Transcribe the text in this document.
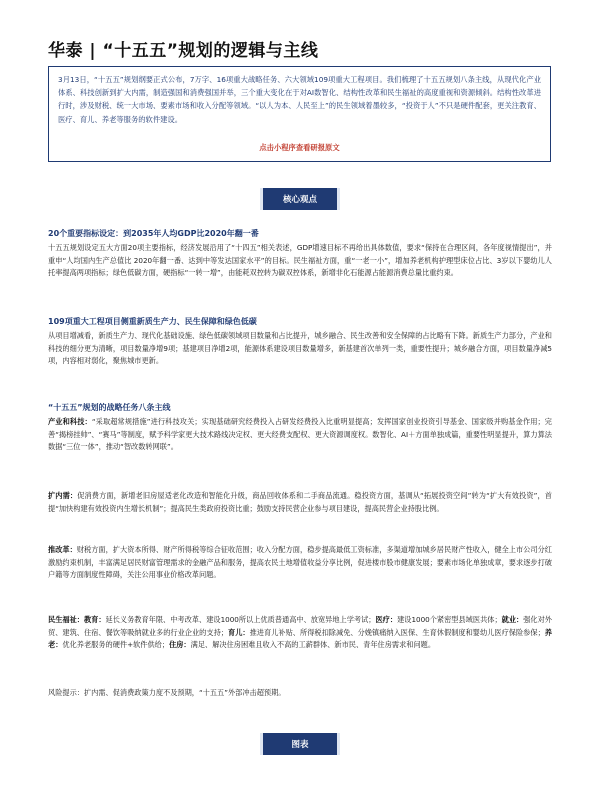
华泰 | “十五五”规划的逻辑与主线

3月13日，“十五五”规划纲要正式公布，7万字、16项重大战略任务、六大领域109项重大工程项目。我们梳理了十五五规划八条主线，从现代化产业体系、科技创新到扩大内需，制造强国和消费强国并举，三个重大变化在于对AI数智化、结构性改革和民生福祉的高度重视和资源倾斜。结构性改革进行时，涉及财税、统一大市场、要素市场和收入分配等领域。“以人为本、人民至上”的民生领域着墨较多，“投资于人”不只是硬件配套，更关注教育、医疗、育儿、养老等服务的软件建设。

点击小程序查看研报原文
核心观点

20个重要指标设定：到2035年人均GDP比2020年翻一番

十五五规划设定五大方面20项主要指标，经济发展沿用了“十四五”相关表述，GDP增速目标不再给出具体数值，要求“保持在合理区间，各年度视情提出”，并重申“人均国内生产总值比 2020年翻一番、达到中等发达国家水平”的目标。民生福祉方面，重“一老一小”，增加养老机构护理型床位占比、3岁以下婴幼儿人托率提高两项指标；绿色低碳方面，硬指标“一转一增”，由能耗双控转为碳双控体系，新增非化石能源占能源消费总量比重约束。

109项重大工程项目侧重新质生产力、民生保障和绿色低碳

从项目增减看，新质生产力、现代化基础设施、绿色低碳领域项目数量和占比提升，城乡融合、民生改善和安全保障的占比略有下降。新质生产力部分，产业和科技的细分更为清晰，项目数量净增9项；基建项目净增2项，能源体系建设项目数量增多，新基建首次单列一类，重要性提升；城乡融合方面，项目数量净减5项，内容相对弱化，聚焦城市更新。

“十五五”规划的战略任务八条主线

产业和科技：“采取超常规措施”进行科技攻关；实现基础研究经费投入占研发经费投入比重明显提高；发挥国家创业投资引导基金、国家级并购基金作用；完善“揭榜挂帅”、“赛马”等制度，赋予科学家更大技术路线决定权、更大经费支配权、更大资源调度权。数智化、AI＋方面单独成篇，重要性明显提升，算力算法数据“三位一体”，推动“智改数转网联”。

扩内需：促消费方面，新增老旧房屋适老化改造和智能化升级，商品回收体系和二手商品流通。稳投资方面，基调从“拓展投资空间”转为“扩大有效投资”，首提“加快构建有效投资内生增长机制”；提高民生类政府投资比重；鼓励支持民营企业参与项目建设，提高民营企业持股比例。

推改革：财税方面，扩大资本所得、财产所得税等综合征收范围；收入分配方面，稳步提高最低工资标准，多渠道增加城乡居民财产性收入，健全上市公司分红激励约束机制，丰富满足居民财富管理需求的金融产品和服务，提高农民土地增值收益分享比例，促进楼市股市健康发展；要素市场化单独成章，要求逐步打破户籍等方面制度性障碍，关注公用事业价格改革问题。

民生福祉：教育：延长义务教育年限、中考改革、建设1000所以上优质普通高中、放宽异地上学考试；医疗：建设1000个紧密型县域医共体；就业：强化对外贸、建筑、住宿、餐饮等吸纳就业多的行业企业的支持；育儿：推进育儿补贴、所得税扣除减免、分娩镇痛纳入医保、生育休假制度和婴幼儿医疗保险参保；养老：优化养老服务的硬件+软件供给；住房：满足、解决住房困难且收入不高的工薪群体、新市民、青年住房需求和问题。

风险提示：扩内需、促消费政策力度不及预期，“十五五”外部冲击超预期。

图表
